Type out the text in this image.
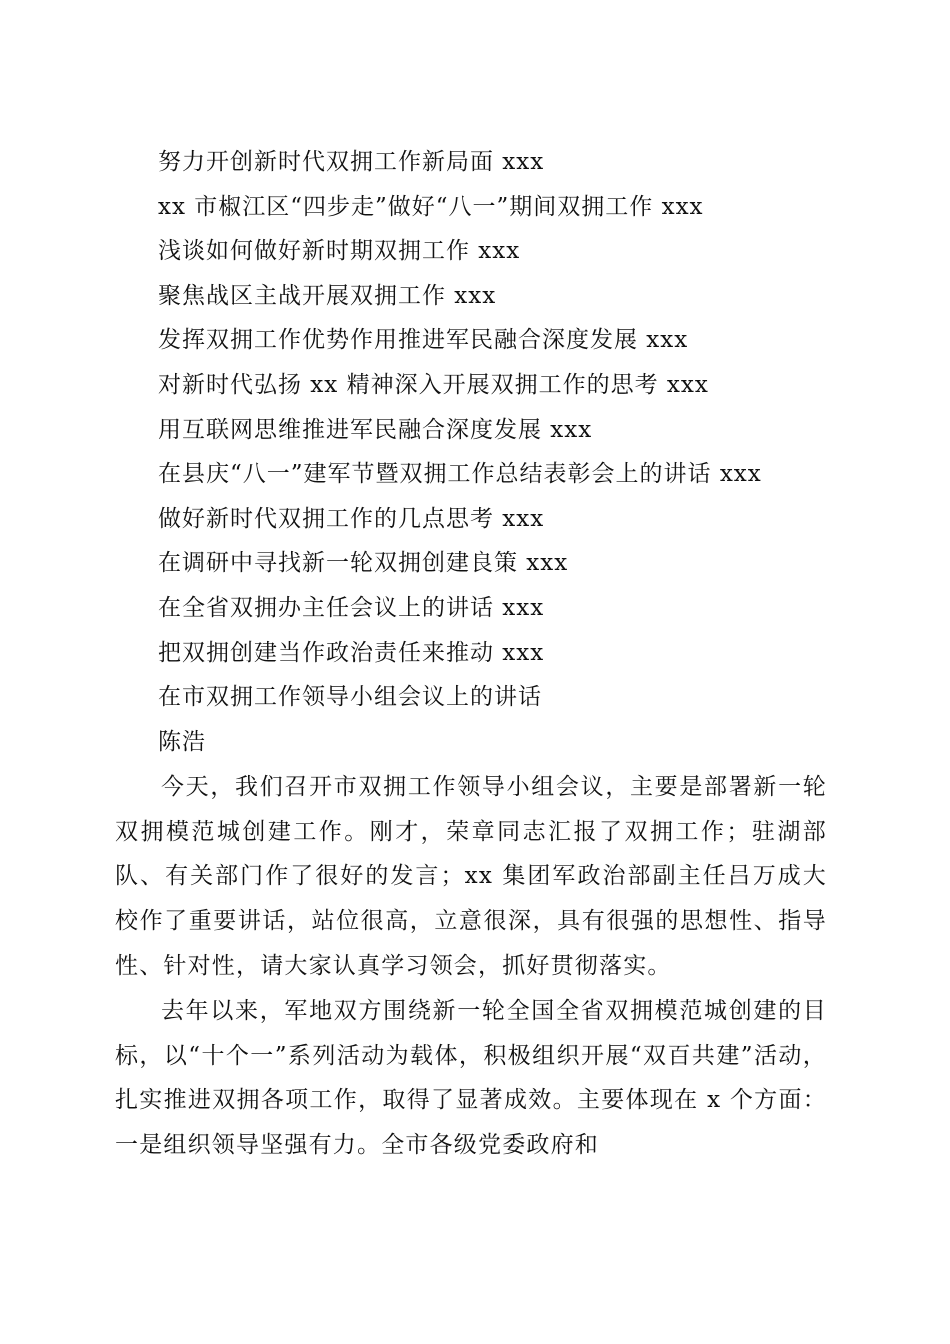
努力开创新时代双拥工作新局面 xxx
xx 市椒江区“四步走”做好“八一”期间双拥工作 xxx
浅谈如何做好新时期双拥工作 xxx
聚焦战区主战开展双拥工作 xxx
发挥双拥工作优势作用推进军民融合深度发展 xxx
对新时代弘扬 xx 精神深入开展双拥工作的思考 xxx
用互联网思维推进军民融合深度发展 xxx
在县庆“八一”建军节暨双拥工作总结表彰会上的讲话 xxx
做好新时代双拥工作的几点思考 xxx
在调研中寻找新一轮双拥创建良策 xxx
在全省双拥办主任会议上的讲话 xxx
把双拥创建当作政治责任来推动 xxx
在市双拥工作领导小组会议上的讲话
陈浩

今天，我们召开市双拥工作领导小组会议，主要是部署新一轮双拥模范城创建工作。刚才，荣章同志汇报了双拥工作；驻湖部队、有关部门作了很好的发言；xx 集团军政治部副主任吕万成大校作了重要讲话，站位很高，立意很深，具有很强的思想性、指导性、针对性，请大家认真学习领会，抓好贯彻落实。

去年以来，军地双方围绕新一轮全国全省双拥模范城创建的目标，以“十个一”系列活动为载体，积极组织开展“双百共建”活动，扎实推进双拥各项工作，取得了显著成效。主要体现在 x 个方面：一是组织领导坚强有力。全市各级党委政府和
